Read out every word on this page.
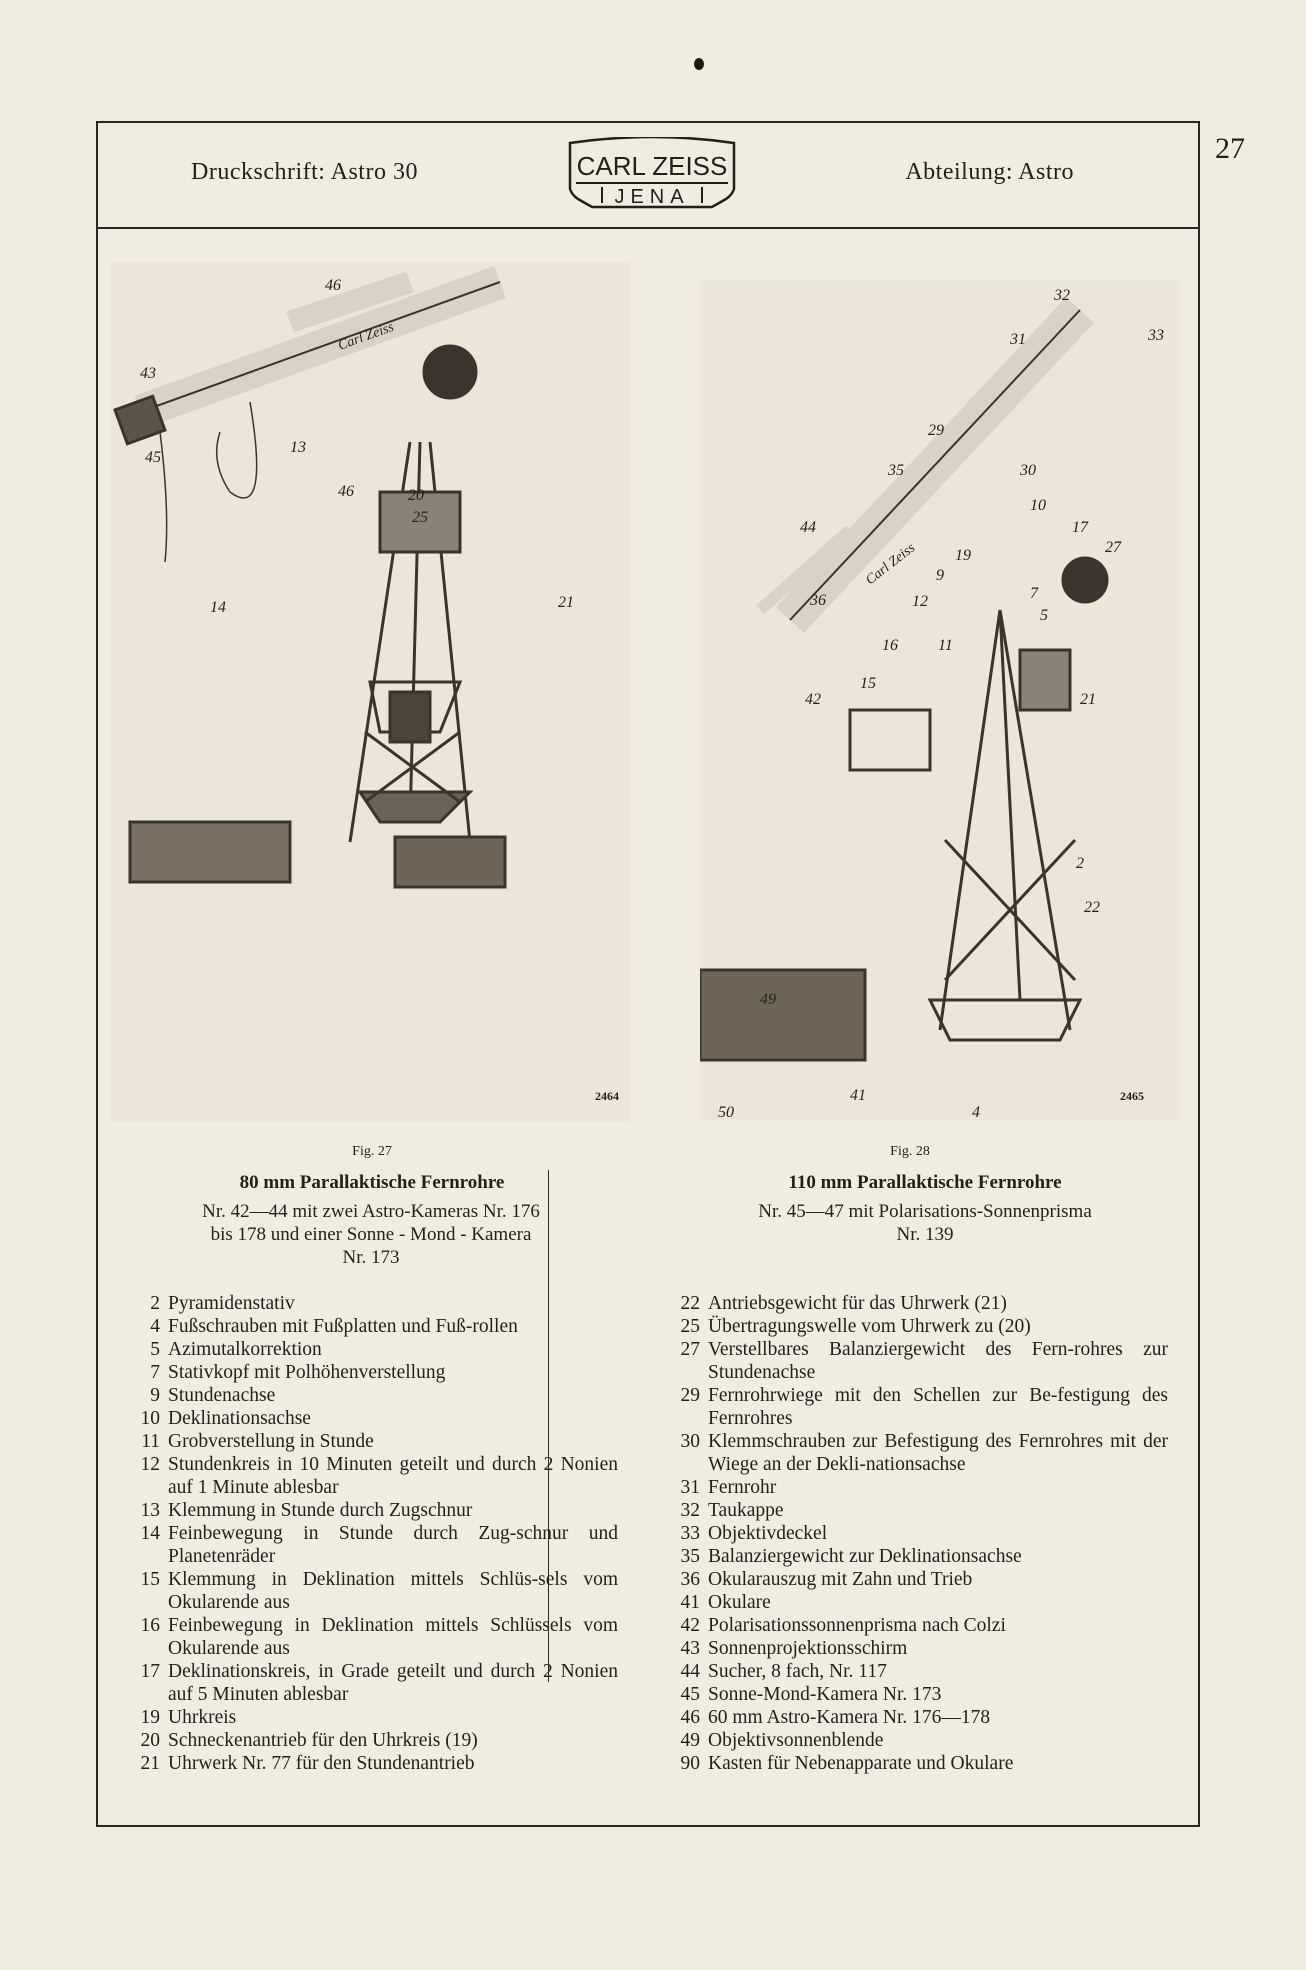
27
Druckschrift: Astro 30	CARL ZEISS
JENA
Abteilung: Astro
46
43
45
13
46	20
25
14	21
Carl Zeiss
2464
32
33
31
29
35	30
10
17
27
44
19
9
7
36	12
5
16	11
15
42	21
2
22
49
50
41
4
Carl Zeiss
2465
Fig. 27
80 mm Parallaktische Fernrohre
Nr. 42—44 mit zwei Astro-Kameras Nr. 176
bis 178 und einer Sonne - Mond - Kamera
Nr. 173
Fig. 28
110 mm Parallaktische Fernrohre
Nr. 45—47 mit Polarisations-Sonnenprisma
Nr. 139
2 Pyramidenstativ
4 Fußschrauben mit Fußplatten und Fuß-rollen
5 Azimutalkorrektion
7 Stativkopf mit Polhöhenverstellung
9 Stundenachse
10 Deklinationsachse
11 Grobverstellung in Stunde
12 Stundenkreis in 10 Minuten geteilt und durch 2 Nonien auf 1 Minute ablesbar
13 Klemmung in Stunde durch Zugschnur
14 Feinbewegung in Stunde durch Zug-schnur und Planetenräder
15 Klemmung in Deklination mittels Schlüs-sels vom Okularende aus
16 Feinbewegung in Deklination mittels Schlüssels vom Okularende aus
17 Deklinationskreis, in Grade geteilt und durch 2 Nonien auf 5 Minuten ablesbar
19 Uhrkreis
20 Schneckenantrieb für den Uhrkreis (19)
21 Uhrwerk Nr. 77 für den Stundenantrieb
22 Antriebsgewicht für das Uhrwerk (21)
25 Übertragungswelle vom Uhrwerk zu (20)
27 Verstellbares Balanziergewicht des Fern-rohres zur Stundenachse
29 Fernrohrwiege mit den Schellen zur Be-festigung des Fernrohres
30 Klemmschrauben zur Befestigung des Fernrohres mit der Wiege an der Dekli-nationsachse
31 Fernrohr
32 Taukappe
33 Objektivdeckel
35 Balanziergewicht zur Deklinationsachse
36 Okularauszug mit Zahn und Trieb
41 Okulare
42 Polarisationssonnenprisma nach Colzi
43 Sonnenprojektionsschirm
44 Sucher, 8 fach, Nr. 117
45 Sonne-Mond-Kamera Nr. 173
46 60 mm Astro-Kamera Nr. 176—178
49 Objektivsonnenblende
90 Kasten für Nebenapparate und Okulare
